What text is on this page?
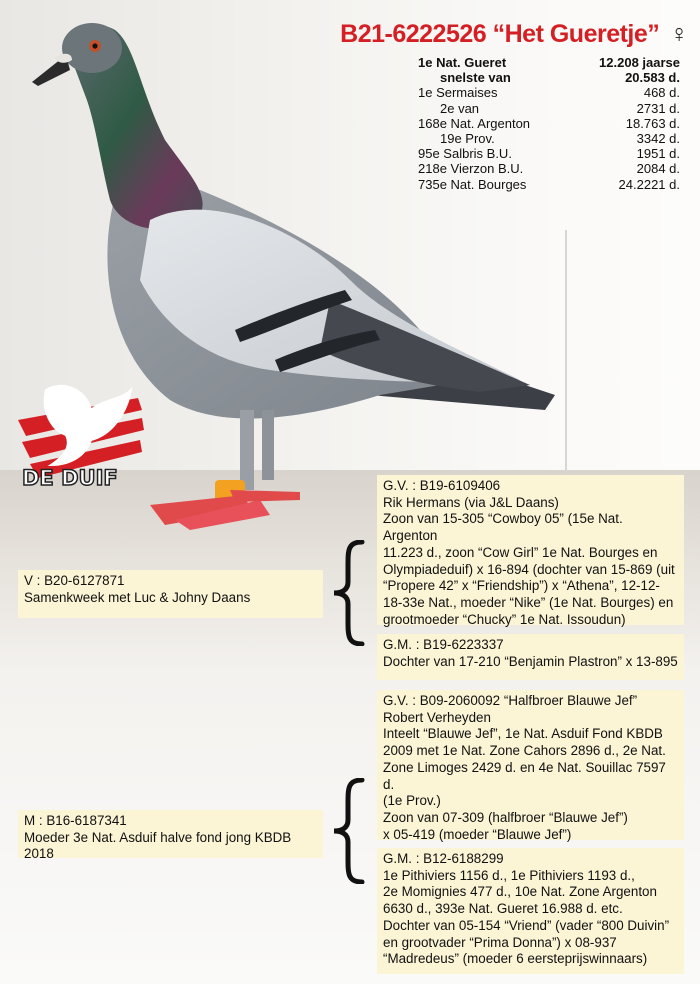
B21-6222526 “Het Gueretje” ♀
1e Nat. Gueret	12.208 jaarse
snelste van	20.583 d.
1e Sermaises	468 d.
2e van	2731 d.
168e Nat. Argenton	18.763 d.
19e Prov.	3342 d.
95e Salbris B.U.	1951 d.
218e Vierzon B.U.	2084 d.
735e Nat. Bourges	24.2221 d.
DE DUIF

V : B20-6127871

Samenkweek met Luc & Johny Daans

G.V. : B19-6109406

Rik Hermans (via J&L Daans)

Zoon van 15-305 “Cowboy 05” (15e Nat. Argenton

11.223 d., zoon “Cow Girl” 1e Nat. Bourges en

Olympiadeduif) x 16-894 (dochter van 15-869 (uit

“Propere 42” x “Friendship”) x “Athena”, 12-12-

18-33e Nat., moeder “Nike” (1e Nat. Bourges) en

grootmoeder “Chucky” 1e Nat. Issoudun)

G.M. : B19-6223337

Dochter van 17-210 “Benjamin Plastron” x 13-895

M : B16-6187341

Moeder 3e Nat. Asduif halve fond jong KBDB 2018

G.V. : B09-2060092 “Halfbroer Blauwe Jef”

Robert Verheyden

Inteelt “Blauwe Jef”, 1e Nat. Asduif Fond KBDB

2009 met 1e Nat. Zone Cahors 2896 d., 2e Nat.

Zone Limoges 2429 d. en 4e Nat. Souillac 7597 d.

(1e Prov.)

Zoon van 07-309 (halfbroer “Blauwe Jef”)

x 05-419 (moeder “Blauwe Jef”)

G.M. : B12-6188299

1e Pithiviers 1156 d., 1e Pithiviers 1193 d.,

2e Momignies 477 d., 10e Nat. Zone Argenton

6630 d., 393e Nat. Gueret 16.988 d. etc.

Dochter van 05-154 “Vriend” (vader “800 Duivin”

en grootvader “Prima Donna”) x 08-937

“Madredeus” (moeder 6 eersteprijswinnaars)
